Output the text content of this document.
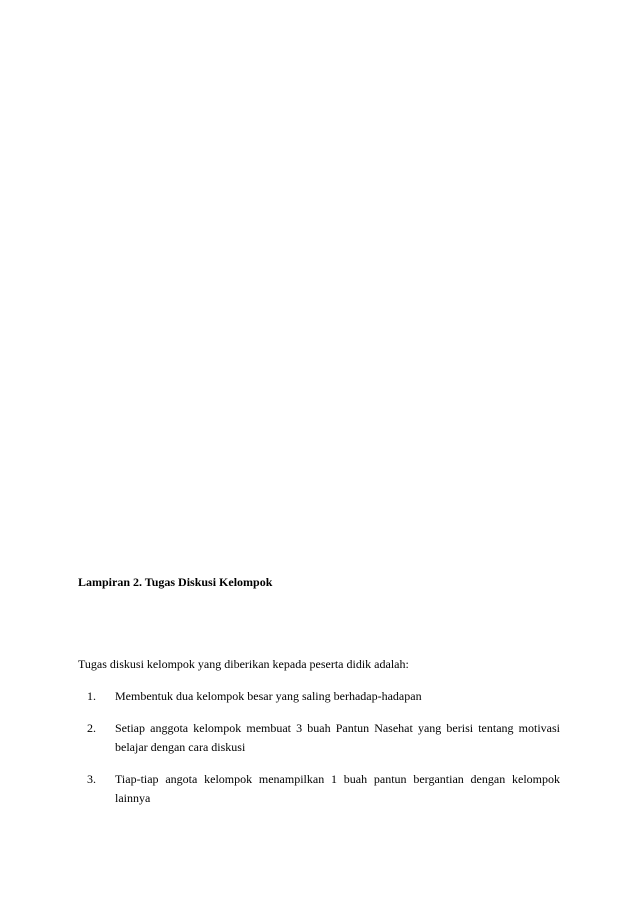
Lampiran 2. Tugas Diskusi Kelompok
Tugas diskusi kelompok yang diberikan kepada peserta didik adalah:
1. Membentuk dua kelompok besar yang saling berhadap-hadapan
2. Setiap anggota kelompok membuat 3 buah Pantun Nasehat yang berisi tentang motivasi belajar dengan cara diskusi
3. Tiap-tiap angota kelompok menampilkan 1 buah pantun bergantian dengan kelompok lainnya
